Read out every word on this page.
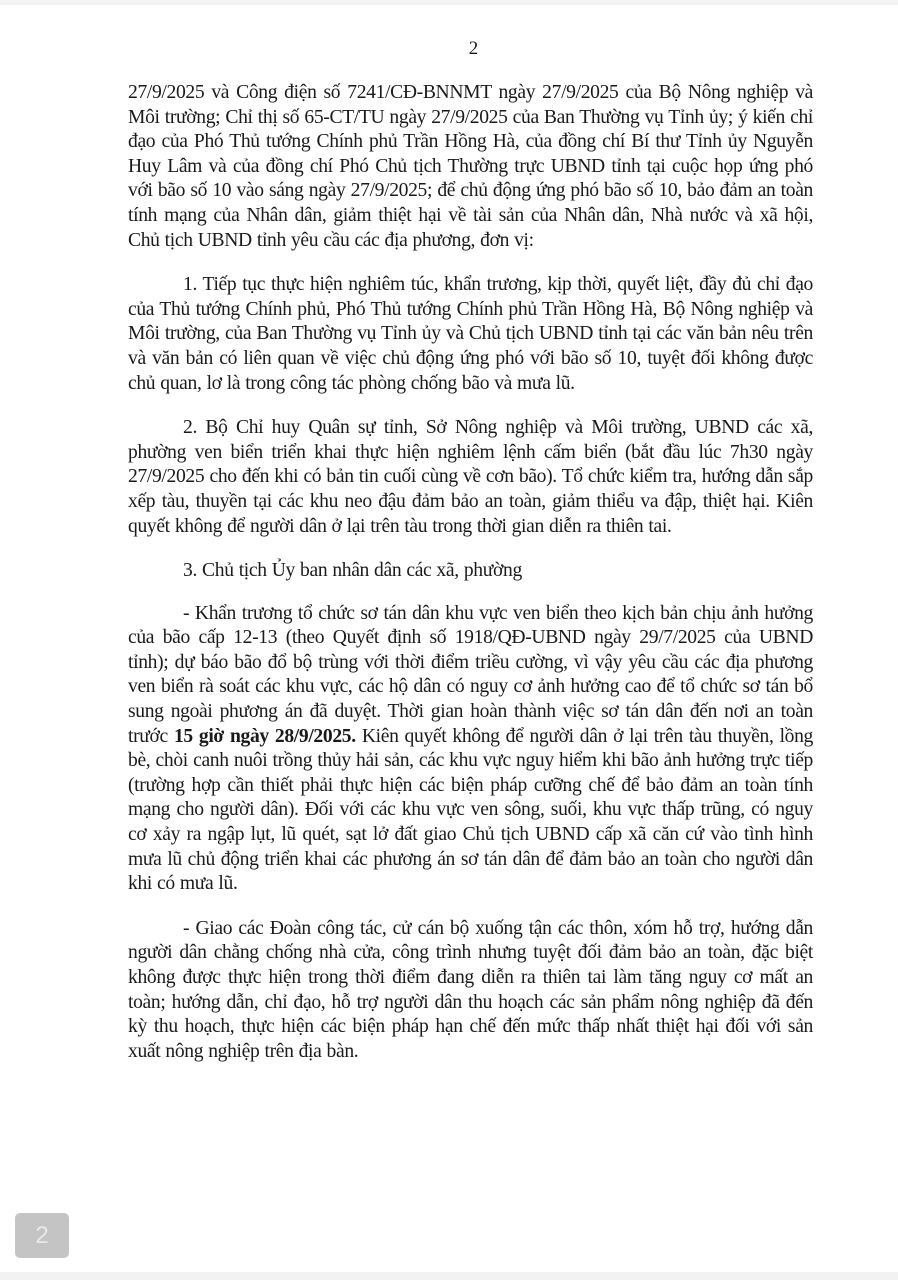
2

27/9/2025 và Công điện số 7241/CĐ-BNNMT ngày 27/9/2025 của Bộ Nông nghiệp và Môi trường; Chỉ thị số 65-CT/TU ngày 27/9/2025 của Ban Thường vụ Tỉnh ủy; ý kiến chỉ đạo của Phó Thủ tướng Chính phủ Trần Hồng Hà, của đồng chí Bí thư Tỉnh ủy Nguyễn Huy Lâm và của đồng chí Phó Chủ tịch Thường trực UBND tỉnh tại cuộc họp ứng phó với bão số 10 vào sáng ngày 27/9/2025; để chủ động ứng phó bão số 10, bảo đảm an toàn tính mạng của Nhân dân, giảm thiệt hại về tài sản của Nhân dân, Nhà nước và xã hội, Chủ tịch UBND tỉnh yêu cầu các địa phương, đơn vị:

1. Tiếp tục thực hiện nghiêm túc, khẩn trương, kịp thời, quyết liệt, đầy đủ chỉ đạo của Thủ tướng Chính phủ, Phó Thủ tướng Chính phủ Trần Hồng Hà, Bộ Nông nghiệp và Môi trường, của Ban Thường vụ Tỉnh ủy và Chủ tịch UBND tỉnh tại các văn bản nêu trên và văn bản có liên quan về việc chủ động ứng phó với bão số 10, tuyệt đối không được chủ quan, lơ là trong công tác phòng chống bão và mưa lũ.

2. Bộ Chỉ huy Quân sự tỉnh, Sở Nông nghiệp và Môi trường, UBND các xã, phường ven biển triển khai thực hiện nghiêm lệnh cấm biển (bắt đầu lúc 7h30 ngày 27/9/2025 cho đến khi có bản tin cuối cùng về cơn bão). Tổ chức kiểm tra, hướng dẫn sắp xếp tàu, thuyền tại các khu neo đậu đảm bảo an toàn, giảm thiểu va đập, thiệt hại. Kiên quyết không để người dân ở lại trên tàu trong thời gian diễn ra thiên tai.

3. Chủ tịch Ủy ban nhân dân các xã, phường

- Khẩn trương tổ chức sơ tán dân khu vực ven biển theo kịch bản chịu ảnh hưởng của bão cấp 12-13 (theo Quyết định số 1918/QĐ-UBND ngày 29/7/2025 của UBND tỉnh); dự báo bão đổ bộ trùng với thời điểm triều cường, vì vậy yêu cầu các địa phương ven biển rà soát các khu vực, các hộ dân có nguy cơ ảnh hưởng cao để tổ chức sơ tán bổ sung ngoài phương án đã duyệt. Thời gian hoàn thành việc sơ tán dân đến nơi an toàn trước 15 giờ ngày 28/9/2025. Kiên quyết không để người dân ở lại trên tàu thuyền, lồng bè, chòi canh nuôi trồng thủy hải sản, các khu vực nguy hiểm khi bão ảnh hưởng trực tiếp (trường hợp cần thiết phải thực hiện các biện pháp cưỡng chế để bảo đảm an toàn tính mạng cho người dân). Đối với các khu vực ven sông, suối, khu vực thấp trũng, có nguy cơ xảy ra ngập lụt, lũ quét, sạt lở đất giao Chủ tịch UBND cấp xã căn cứ vào tình hình mưa lũ chủ động triển khai các phương án sơ tán dân để đảm bảo an toàn cho người dân khi có mưa lũ.

- Giao các Đoàn công tác, cử cán bộ xuống tận các thôn, xóm hỗ trợ, hướng dẫn người dân chằng chống nhà cửa, công trình nhưng tuyệt đối đảm bảo an toàn, đặc biệt không được thực hiện trong thời điểm đang diễn ra thiên tai làm tăng nguy cơ mất an toàn; hướng dẫn, chỉ đạo, hỗ trợ người dân thu hoạch các sản phẩm nông nghiệp đã đến kỳ thu hoạch, thực hiện các biện pháp hạn chế đến mức thấp nhất thiệt hại đối với sản xuất nông nghiệp trên địa bàn.

2
